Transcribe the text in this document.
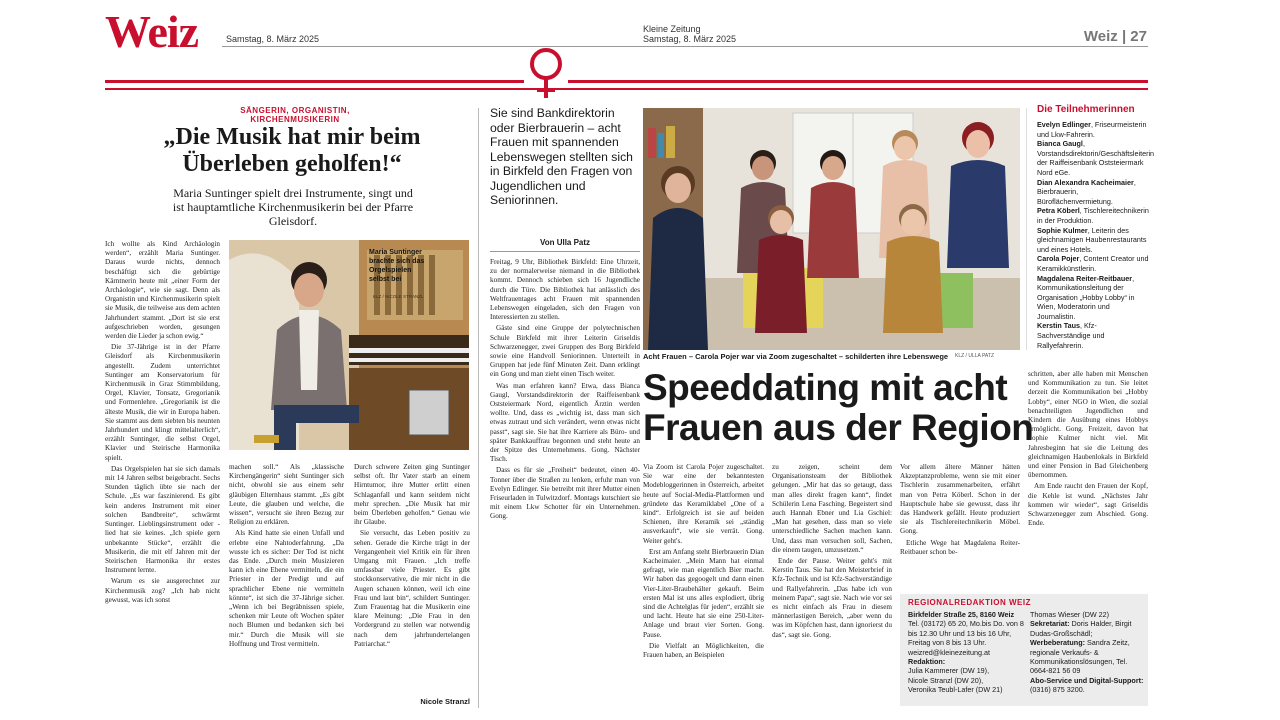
Weiz	Samstag, 8. März 2025
Kleine Zeitung
Samstag, 8. März 2025	Weiz | 27
SÄNGERIN, ORGANISTIN, KIRCHENMUSIKERIN
„Die Musik hat mir beim Überleben geholfen!“
Maria Suntinger spielt drei Instrumente, singt und ist hauptamtliche Kirchenmusikerin bei der Pfarre Gleisdorf.
Maria Suntinger brachte sich das Orgelspielen selbst bei
KLZ / NICOLE STRANZL

Ich wollte als Kind Archäologin werden“, erzählt Maria Suntinger. Daraus wurde nichts, dennoch beschäftigt sich die gebürtige Kärntnerin heute mit „einer Form der Archäologie“, wie sie sagt. Denn als Organistin und Kirchenmusikerin spielt sie Musik, die teilweise aus dem achten Jahrhundert stammt. „Dort ist sie erst aufgeschrieben worden, gesungen werden die Lieder ja schon ewig.“

Die 37-Jährige ist in der Pfarre Gleisdorf als Kirchenmusikerin angestellt. Zudem unterrichtet Suntinger am Konservatorium für Kirchenmusik in Graz Stimmbildung, Orgel, Klavier, Tonsatz, Gregorianik und Formenlehre. „Gregorianik ist die älteste Musik, die wir in Europa haben. Sie stammt aus dem siebten bis neunten Jahrhundert und klingt mittelalterlich“, erzählt Suntinger, die selbst Orgel, Klavier und Steirische Harmonika spielt.

Das Orgelspielen hat sie sich damals mit 14 Jahren selbst beigebracht. Sechs Stunden täglich übte sie nach der Schule. „Es war faszinierend. Es gibt kein anderes Instrument mit einer solchen Bandbreite“, schwärmt Suntinger. Lieblingsinstrument oder -lied hat sie keines. „Ich spiele gern unbekannte Stücke“, erzählt die Musikerin, die mit elf Jahren mit der Steirischen Harmonika ihr erstes Instrument lernte.

Warum es sie ausgerechnet zur Kirchenmusik zog? „Ich hab nicht gewusst, was ich sonst

machen soll.“ Als „klassische Kirchengängerin“ sieht Suntinger sich nicht, obwohl sie aus einem sehr gläubigen Elternhaus stammt. „Es gibt Leute, die glauben und welche, die wissen“, versucht sie ihren Bezug zur Religion zu erklären.

Als Kind hatte sie einen Unfall und erlebte eine Nahtoderfahrung. „Da wusste ich es sicher: Der Tod ist nicht das Ende. „Durch mein Musizieren kann ich eine Ebene vermitteln, die ein Priester in der Predigt und auf sprachlicher Ebene nie vermitteln könnte“, ist sich die 37-Jährige sicher. „Wenn ich bei Begräbnissen spiele, schenken mir Leute oft Wochen später noch Blumen und bedanken sich bei mir.“ Durch die Musik will sie Hoffnung und Trost vermitteln.

Durch schwere Zeiten ging Suntinger selbst oft. Ihr Vater starb an einem Hirntumor, ihre Mutter erlitt einen Schlaganfall und kann seitdem nicht mehr sprechen. „Die Musik hat mir beim Überleben geholfen.“ Genau wie ihr Glaube.

Sie versucht, das Leben positiv zu sehen. Gerade die Kirche trägt in der Vergangenheit viel Kritik ein für ihren Umgang mit Frauen. „Ich treffe umfassbar viele Priester. Es gibt stockkonservative, die mir nicht in die Augen schauen können, weil ich eine Frau und laut bin“, schildert Suntinger. Zum Frauentag hat die Musikerin eine klare Meinung: „Die Frau in den Vordergrund zu stellen war notwendig nach dem jahrhundertelangen Patriarchat.“

Nicole Stranzl
Sie sind Bankdirektorin oder Bierbrauerin – acht Frauen mit spannenden Lebenswegen stellten sich in Birkfeld den Fragen von Jugendlichen und Seniorinnen.
Von Ulla Patz

Freitag, 9 Uhr, Bibliothek Birkfeld: Eine Uhrzeit, zu der normalerweise niemand in die Bibliothek kommt. Dennoch schieben sich 16 Jugendliche durch die Türe. Die Bibliothek hat anlässlich des Weltfrauentages acht Frauen mit spannenden Lebenswegen eingeladen, sich den Fragen von Interessierten zu stellen.

Gäste sind eine Gruppe der polytechnischen Schule Birkfeld mit ihrer Leiterin Griseldis Schwarzenegger, zwei Gruppen des Borg Birkfeld sowie eine Handvoll Seniorinnen. Unterteilt in Gruppen hat jede fünf Minuten Zeit. Dann erklingt ein Gong und man zieht einen Tisch weiter.

Was man erfahren kann? Etwa, dass Bianca Gaugl, Vorstandsdirektorin der Raiffeisenbank Oststeiermark Nord, eigentlich Ärztin werden wollte. Und, dass es „wichtig ist, dass man sich etwas zutraut und sich verändert, wenn etwas nicht passt“, sagt sie. Sie hat ihre Karriere als Büro- und später Bankkauffrau begonnen und steht heute an der Spitze des Unternehmens. Gong. Nächster Tisch.

Dass es für sie „Freiheit“ bedeutet, einen 40-Tonner über die Straßen zu lenken, erfuhr man von Evelyn Edlinger. Sie betreibt mit ihrer Mutter einen Friseurladen in Tulwitzdorf. Montags kutschiert sie mit einem Lkw Schotter für ein Unternehmen. Gong.

Acht Frauen – Carola Pojer war via Zoom zugeschaltet – schilderten ihre Lebenswege	KLZ / ULLA PATZ
Speeddating mit acht Frauen aus der Region

Via Zoom ist Carola Pojer zugeschaltet. Sie war eine der bekanntesten Modebloggerinnen in Österreich, arbeitet heute auf Social-Media-Plattformen und gründete das Keramiklabel „One of a kind“. Erfolgreich ist sie auf beiden Schienen, ihre Keramik sei „ständig ausverkauft“, wie sie verrät. Gong. Weiter geht's.

Erst am Anfang steht Bierbrauerin Dian Kacheimaier. „Mein Mann hat einmal gefragt, wie man eigentlich Bier macht. Wir haben das gegoogelt und dann einen Vier-Liter-Braubehälter gekauft. Beim ersten Mal ist uns alles explodiert, übrig sind die Achtelglas für jeden“, erzählt sie und lacht. Heute hat sie eine 250-Liter-Anlage und braut vier Sorten. Gong. Pause.

Die Vielfalt an Möglichkeiten, die Frauen haben, an Beispielen

zu zeigen, scheint dem Organisationsteam der Bibliothek gelungen. „Mir hat das so getaugt, dass man alles direkt fragen kann“, findet Schülerin Lena Fasching. Begeistert sind auch Hannah Ebner und Lia Gschiel: „Man hat gesehen, dass man so viele unterschiedliche Sachen machen kann. Und, dass man versuchen soll, Sachen, die einem taugen, umzusetzen.“

Ende der Pause. Weiter geht's mit Kerstin Taus. Sie hat den Meisterbrief in Kfz-Technik und ist Kfz-Sachverständige und Rallyefahrerin. „Das habe ich von meinem Papa“, sagt sie. Nach wie vor sei es nicht einfach als Frau in diesem männerlastigen Bereich, „aber wenn du was im Köpfchen hast, dann ignorierst du das“, sagt sie. Gong.

Vor allem ältere Männer hätten Akzeptanzprobleme, wenn sie mit einer Tischlerin zusammenarbeiten, erfährt man von Petra Köberl. Schon in der Hauptschule habe sie gewusst, dass ihr das Handwerk gefällt. Heute produziert sie als Tischlereitechnikerin Möbel. Gong.

Etliche Wege hat Magdalena Reiter-Reitbauer schon be-

schritten, aber alle haben mit Menschen und Kommunikation zu tun. Sie leitet derzeit die Kommunikation bei „Hobby Lobby“, einer NGO in Wien, die sozial benachteiligten Jugendlichen und Kindern die Ausübung eines Hobbys ermöglicht. Gong. Freizeit, davon hat Sophie Kulmer nicht viel. Mit Jahresbeginn hat sie die Leitung des gleichnamigen Haubenlokals in Birkfeld und einer Pension in Bad Gleichenberg übernommen.

Am Ende raucht den Frauen der Kopf, die Kehle ist wund. „Nächstes Jahr kommen wir wieder“, sagt Griseldis Schwarzenegger zum Abschied. Gong. Ende.

Die Teilnehmerinnen

Evelyn Edlinger, Friseurmeisterin und Lkw-Fahrerin.

Bianca Gaugl, Vorstandsdirektorin/Geschäftsleiterin der Raiffeisenbank Oststeiermark Nord eGe.

Dian Alexandra Kacheimaier, Bierbrauerin, Büroflächenvermietung.

Petra Köberl, Tischlereitechnikerin in der Produktion.

Sophie Kulmer, Leiterin des gleichnamigen Haubenrestaurants und eines Hotels.

Carola Pojer, Content Creator und Keramikkünstlerin.

Magdalena Reiter-Reitbauer, Kommunikationsleitung der Organisation „Hobby Lobby“ in Wien, Moderatorin und Journalistin.

Kerstin Taus, Kfz-Sachverständige und Rallyefahrerin.

REGIONALREDAKTION WEIZ
Birkfelder Straße 25, 8160 Weiz
Tel. (03172) 65 20, Mo.bis Do. von 8 bis 12.30 Uhr und 13 bis 16 Uhr, Freitag von 8 bis 13 Uhr.
weizred@kleinezeitung.at
Redaktion:
Julia Kammerer (DW 19),
Nicole Stranzl (DW 20),
Veronika Teubl-Lafer (DW 21)
Thomas Wieser (DW 22)
Sekretariat: Doris Halder, Birgit Dudas-Großschädl;
Werbeberatung: Sandra Zeitz, regionale Verkaufs- & Kommunikationslösungen, Tel. 0664-821 56 09
Abo-Service und Digital-Support: (0316) 875 3200.
